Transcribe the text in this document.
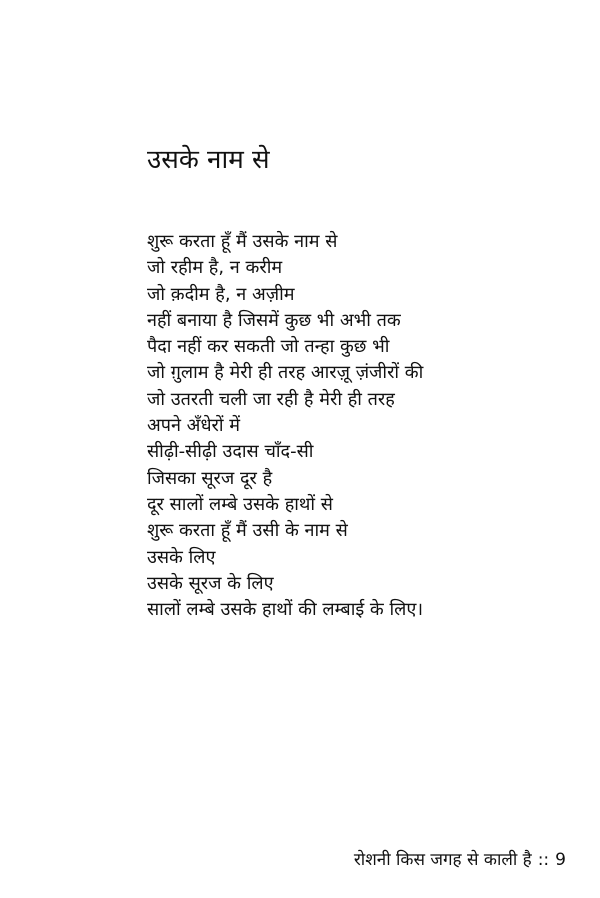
उसके नाम से
शुरू करता हूँ मैं उसके नाम से
जो रहीम है, न करीम
जो क़दीम है, न अज़ीम
नहीं बनाया है जिसमें कुछ भी अभी तक
पैदा नहीं कर सकती जो तन्हा कुछ भी
जो ग़ुलाम है मेरी ही तरह आरज़ू ज़ंजीरों की
जो उतरती चली जा रही है मेरी ही तरह
अपने अँधेरों में
सीढ़ी-सीढ़ी उदास चाँद-सी
जिसका सूरज दूर है
दूर सालों लम्बे उसके हाथों से
शुरू करता हूँ मैं उसी के नाम से
उसके लिए
उसके सूरज के लिए
सालों लम्बे उसके हाथों की लम्बाई के लिए।
रोशनी किस जगह से काली है :: 9
